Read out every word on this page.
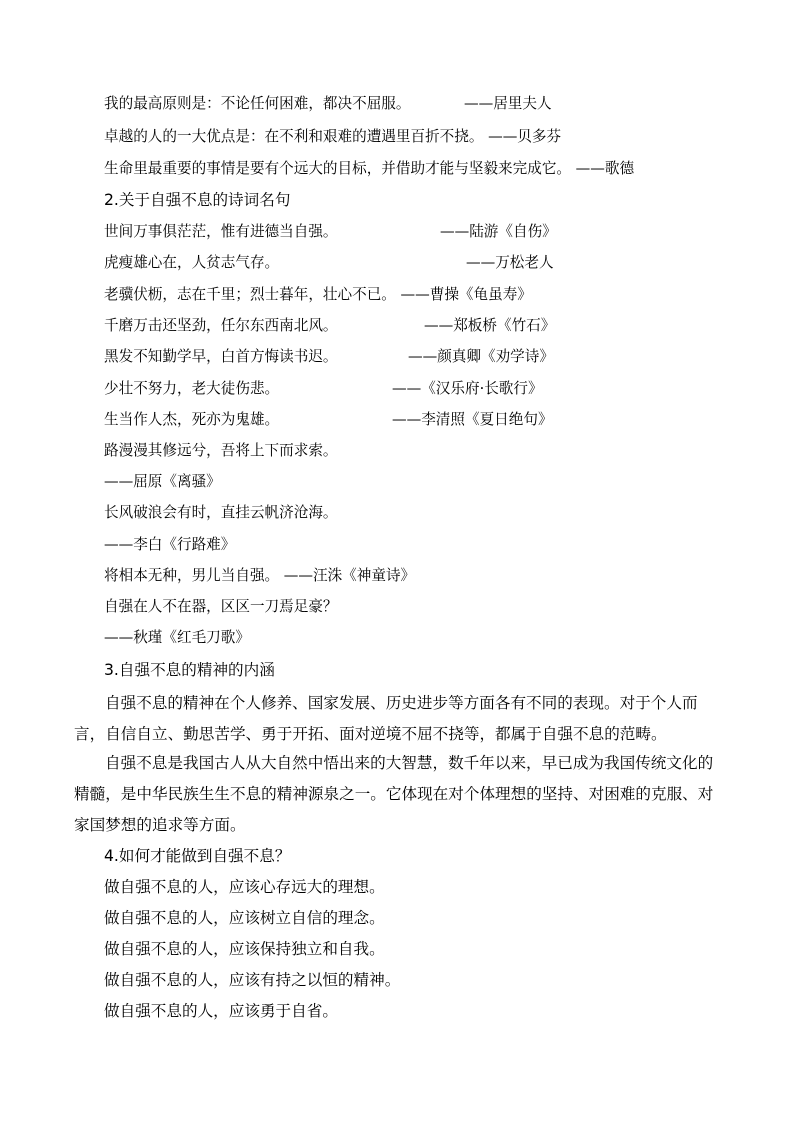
我的最高原则是：不论任何困难，都决不屈服。	——居里夫人
卓越的人的一大优点是：在不利和艰难的遭遇里百折不挠。 ——贝多芬
生命里最重要的事情是要有个远大的目标，并借助才能与坚毅来完成它。 ——歌德
2.关于自强不息的诗词名句
世间万事俱茫茫，惟有进德当自强。	——陆游《自伤》
虎瘦雄心在，人贫志气存。	——万松老人
老骥伏枥，志在千里；烈士暮年，壮心不已。 ——曹操《龟虽寿》
千磨万击还坚劲，任尔东西南北风。	——郑板桥《竹石》
黑发不知勤学早，白首方悔读书迟。	——颜真卿《劝学诗》
少壮不努力，老大徒伤悲。	——《汉乐府·长歌行》
生当作人杰，死亦为鬼雄。	——李清照《夏日绝句》
路漫漫其修远兮，吾将上下而求索。
——屈原《离骚》
长风破浪会有时，直挂云帆济沧海。
——李白《行路难》
将相本无种，男儿当自强。 ——汪洙《神童诗》
自强在人不在器，区区一刀焉足豪？
——秋瑾《红毛刀歌》
3.自强不息的精神的内涵
自强不息的精神在个人修养、国家发展、历史进步等方面各有不同的表现。对于个人而言，自信自立、勤思苦学、勇于开拓、面对逆境不屈不挠等，都属于自强不息的范畴。
自强不息是我国古人从大自然中悟出来的大智慧，数千年以来，早已成为我国传统文化的精髓，是中华民族生生不息的精神源泉之一。它体现在对个体理想的坚持、对困难的克服、对家国梦想的追求等方面。
4.如何才能做到自强不息？
做自强不息的人，应该心存远大的理想。
做自强不息的人，应该树立自信的理念。
做自强不息的人，应该保持独立和自我。
做自强不息的人，应该有持之以恒的精神。
做自强不息的人，应该勇于自省。
